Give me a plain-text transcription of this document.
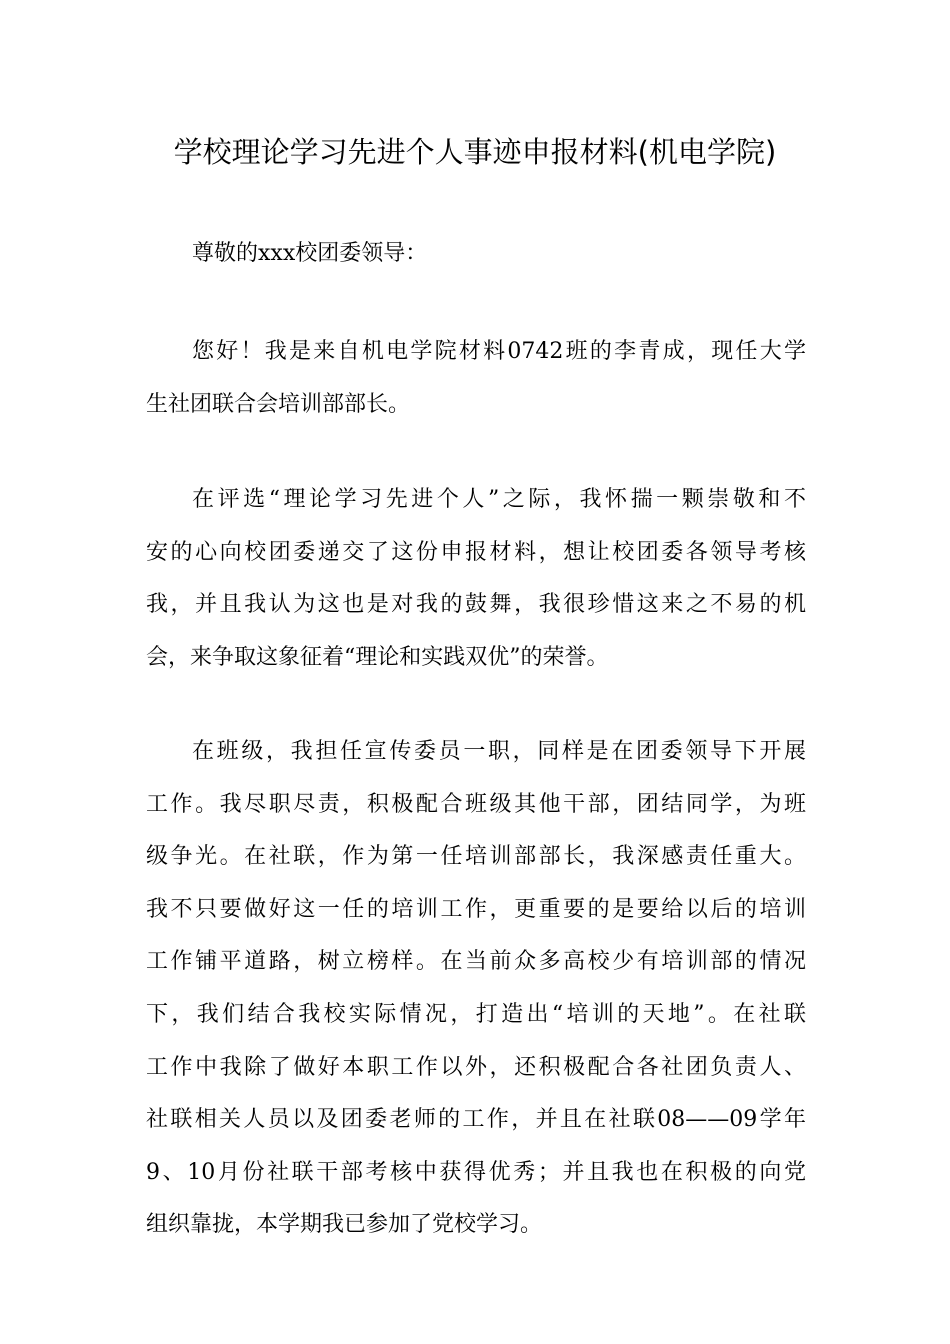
学校理论学习先进个人事迹申报材料(机电学院)
尊敬的xxx校团委领导：
您好！我是来自机电学院材料0742班的李青成，现任大学
生社团联合会培训部部长。
在评选“理论学习先进个人”之际，我怀揣一颗崇敬和不
安的心向校团委递交了这份申报材料，想让校团委各领导考核
我，并且我认为这也是对我的鼓舞，我很珍惜这来之不易的机
会，来争取这象征着“理论和实践双优”的荣誉。
在班级，我担任宣传委员一职，同样是在团委领导下开展
工作。我尽职尽责，积极配合班级其他干部，团结同学，为班
级争光。在社联，作为第一任培训部部长，我深感责任重大。
我不只要做好这一任的培训工作，更重要的是要给以后的培训
工作铺平道路，树立榜样。在当前众多高校少有培训部的情况
下，我们结合我校实际情况，打造出“培训的天地”。在社联
工作中我除了做好本职工作以外，还积极配合各社团负责人、
社联相关人员以及团委老师的工作，并且在社联08——09学年
9、10月份社联干部考核中获得优秀；并且我也在积极的向党
组织靠拢，本学期我已参加了党校学习。
